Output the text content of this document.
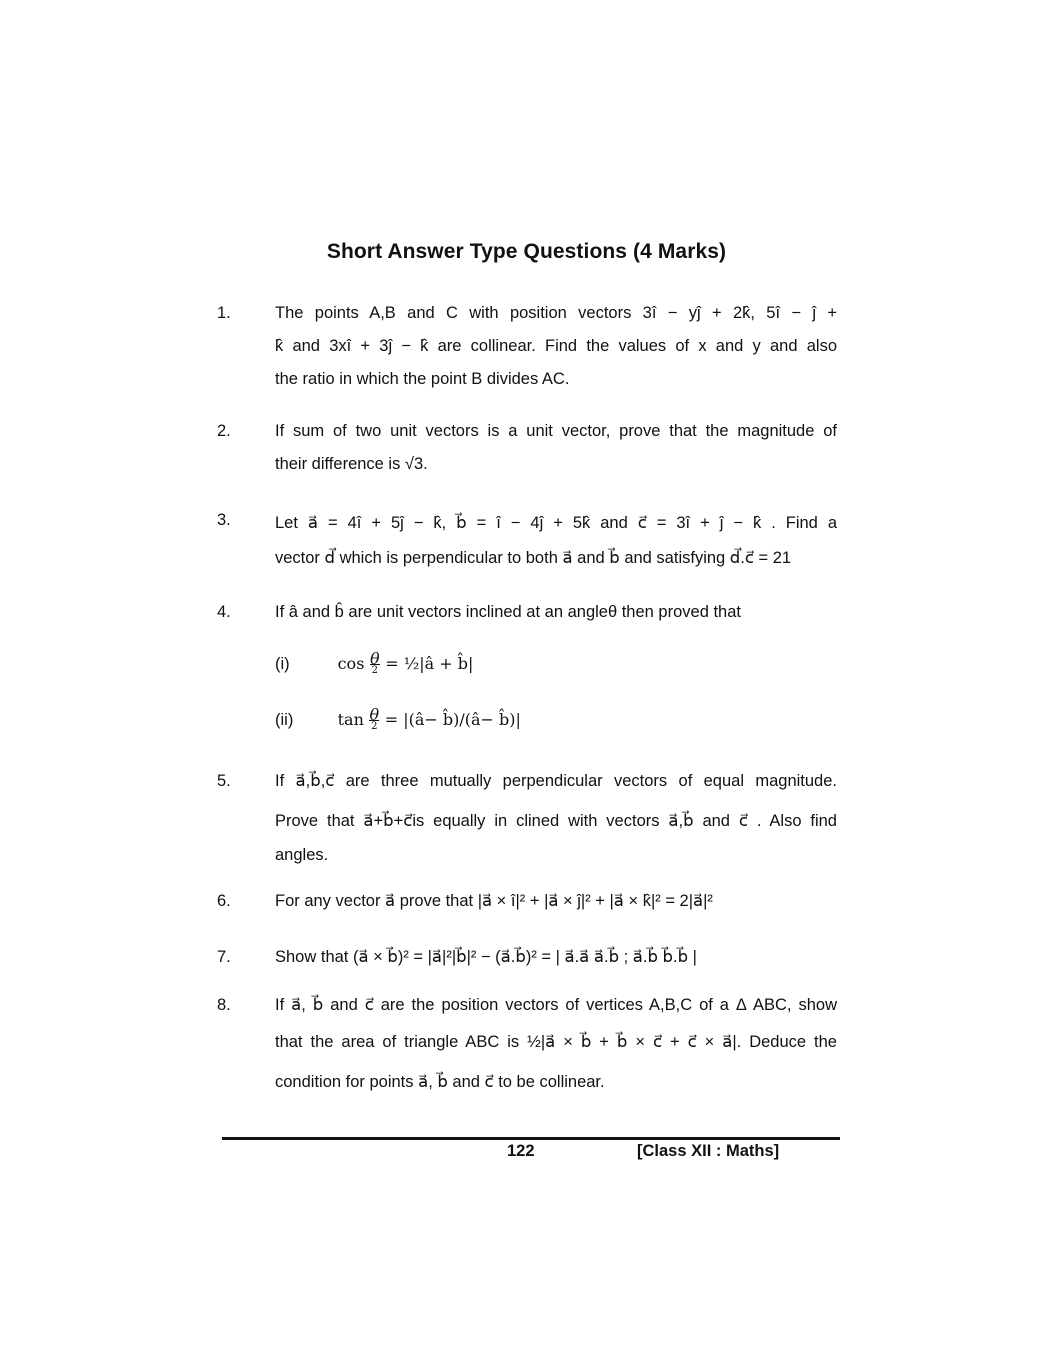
Short Answer Type Questions (4 Marks)
1.	The points A,B and C with position vectors 3î − yĵ + 2k̂, 5î − ĵ +
k̂ and 3xî + 3ĵ − k̂ are collinear. Find the values of x and y and also
the ratio in which the point B divides AC.
2.	If sum of two unit vectors is a unit vector, prove that the magnitude of
their difference is √3.
3.	Let a⃗ = 4î + 5ĵ − k̂, b⃗ = î − 4ĵ + 5k̂ and c⃗ = 3î + ĵ − k̂ . Find a
vector d⃗ which is perpendicular to both a⃗ and b⃗ and satisfying d⃗.c⃗ = 21
4.	If â and b̂ are unit vectors inclined at an angleθ then proved that
(i)	$\cos \frac{\theta}{2}$ = ½|â + b̂|
(ii)	$\tan \frac{\theta}{2}$ = |(â− b̂)/(â− b̂)|
5.	If a⃗,b⃗,c⃗ are three mutually perpendicular vectors of equal magnitude.
Prove that a⃗+b⃗+c⃗is equally in clined with vectors a⃗,b⃗ and c⃗ . Also find
angles.
6.	For any vector a⃗ prove that |a⃗ × î|² + |a⃗ × ĵ|² + |a⃗ × k̂|² = 2|a⃗|²
7.	Show that (a⃗ × b⃗)² = |a⃗|²|b⃗|² − (a⃗.b⃗)² = | a⃗.a⃗ a⃗.b⃗ ; a⃗.b⃗ b⃗.b⃗ |
8.	If a⃗, b⃗ and c⃗ are the position vectors of vertices A,B,C of a Δ ABC, show
that the area of triangle ABC is ½|a⃗ × b⃗ + b⃗ × c⃗ + c⃗ × a⃗|. Deduce the
condition for points a⃗, b⃗ and c⃗ to be collinear.
122	[Class XII : Maths]
